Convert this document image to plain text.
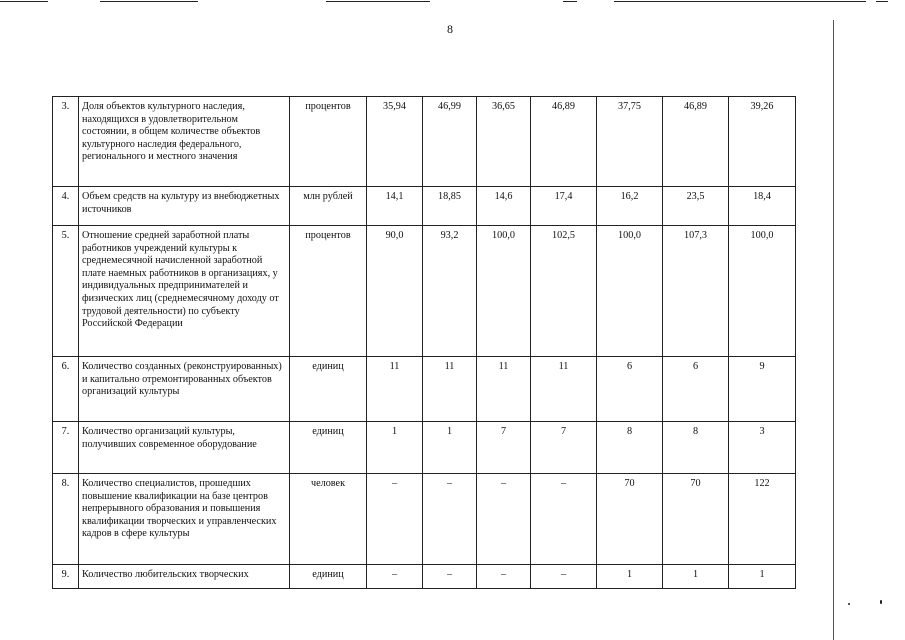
8
3.	Доля объектов культурного наследия, находящихся в удовлетворительном состоянии, в общем количестве объектов культурного наследия федерального, регионального и местного значения	процентов	35,94	46,99	36,65	46,89	37,75	46,89	39,26
4.	Объем средств на культуру из внебюджетных источников	млн рублей	14,1	18,85	14,6	17,4	16,2	23,5	18,4
5.	Отношение средней заработной платы работников учреждений культуры к среднемесячной начисленной заработной плате наемных работников в организациях, у индивидуальных предпринимателей и физических лиц (среднемесячному доходу от трудовой деятельности) по субъекту Российской Федерации	процентов	90,0	93,2	100,0	102,5	100,0	107,3	100,0
6.	Количество созданных (реконструированных) и капитально отремонтированных объектов организаций культуры	единиц	11	11	11	11	6	6	9
7.	Количество организаций культуры, получивших современное оборудование	единиц	1	1	7	7	8	8	3
8.	Количество специалистов, прошедших повышение квалификации на базе центров непрерывного образования и повышения квалификации творческих и управленческих кадров в сфере культуры	человек	–	–	–	–	70	70	122
9.	Количество любительских творческих	единиц	–	–	–	–	1	1	1
